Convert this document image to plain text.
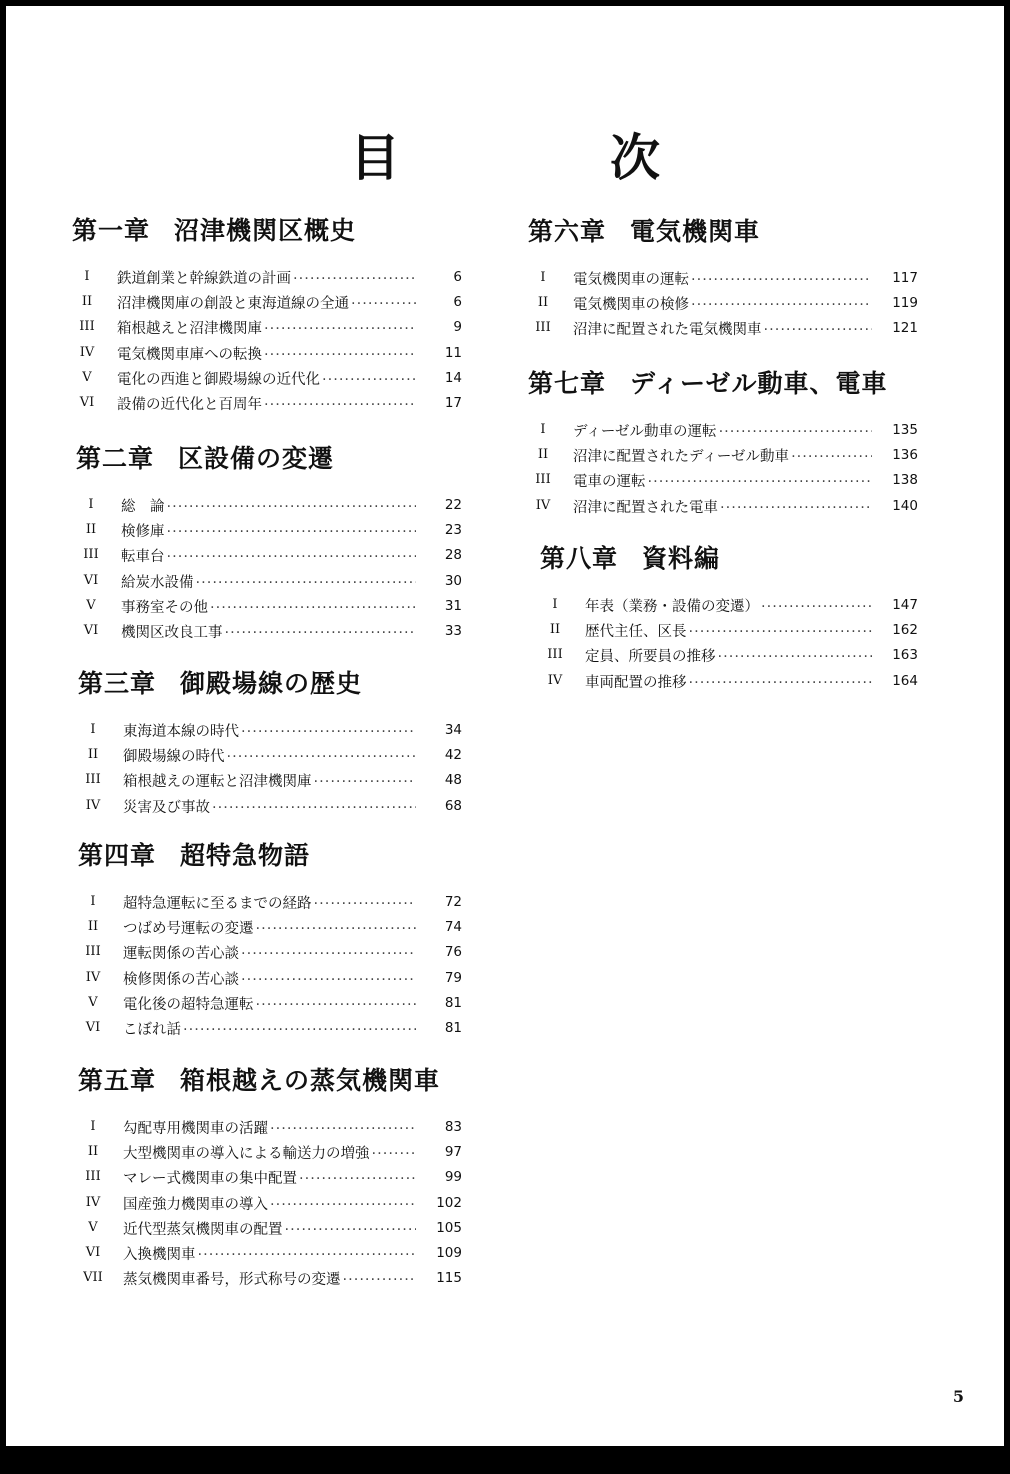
目　次
第一章 沼津機関区概史
I	鉄道創業と幹線鉄道の計画 ·····	6
II	沼津機関庫の創設と東海道線の全通 ·····	6
III	箱根越えと沼津機関庫 ·····	9
IV	電気機関車庫への転換 ·····	11
V	電化の西進と御殿場線の近代化 ·····	14
VI	設備の近代化と百周年 ·····	17
第二章 区設備の変遷
I	総　論 ·····	22
II	検修庫 ·····	23
III	転車台 ·····	28
VI	給炭水設備 ·····	30
V	事務室その他 ·····	31
VI	機関区改良工事 ·····	33
第三章 御殿場線の歴史
I	東海道本線の時代 ·····	34
II	御殿場線の時代 ·····	42
III	箱根越えの運転と沼津機関庫 ·····	48
IV	災害及び事故 ·····	68
第四章 超特急物語
I	超特急運転に至るまでの経路 ·····	72
II	つばめ号運転の変遷 ·····	74
III	運転関係の苦心談 ·····	76
IV	検修関係の苦心談 ·····	79
V	電化後の超特急運転 ·····	81
VI	こぼれ話 ·····	81
第五章 箱根越えの蒸気機関車
I	勾配専用機関車の活躍 ·····	83
II	大型機関車の導入による輸送力の増強 ·····	97
III	マレー式機関車の集中配置 ·····	99
IV	国産強力機関車の導入 ·····	102
V	近代型蒸気機関車の配置 ·····	105
VI	入換機関車 ·····	109
VII	蒸気機関車番号，形式称号の変遷 ·····	115
第六章 電気機関車
I	電気機関車の運転 ·····	117
II	電気機関車の検修 ·····	119
III	沼津に配置された電気機関車 ·····	121
第七章 ディーゼル動車、電車
I	ディーゼル動車の運転 ·····	135
II	沼津に配置されたディーゼル動車 ·····	136
III	電車の運転 ·····	138
IV	沼津に配置された電車 ·····	140
第八章 資料編
I	年表（業務・設備の変遷） ·····	147
II	歴代主任、区長 ·····	162
III	定員、所要員の推移 ·····	163
IV	車両配置の推移 ·····	164
5
